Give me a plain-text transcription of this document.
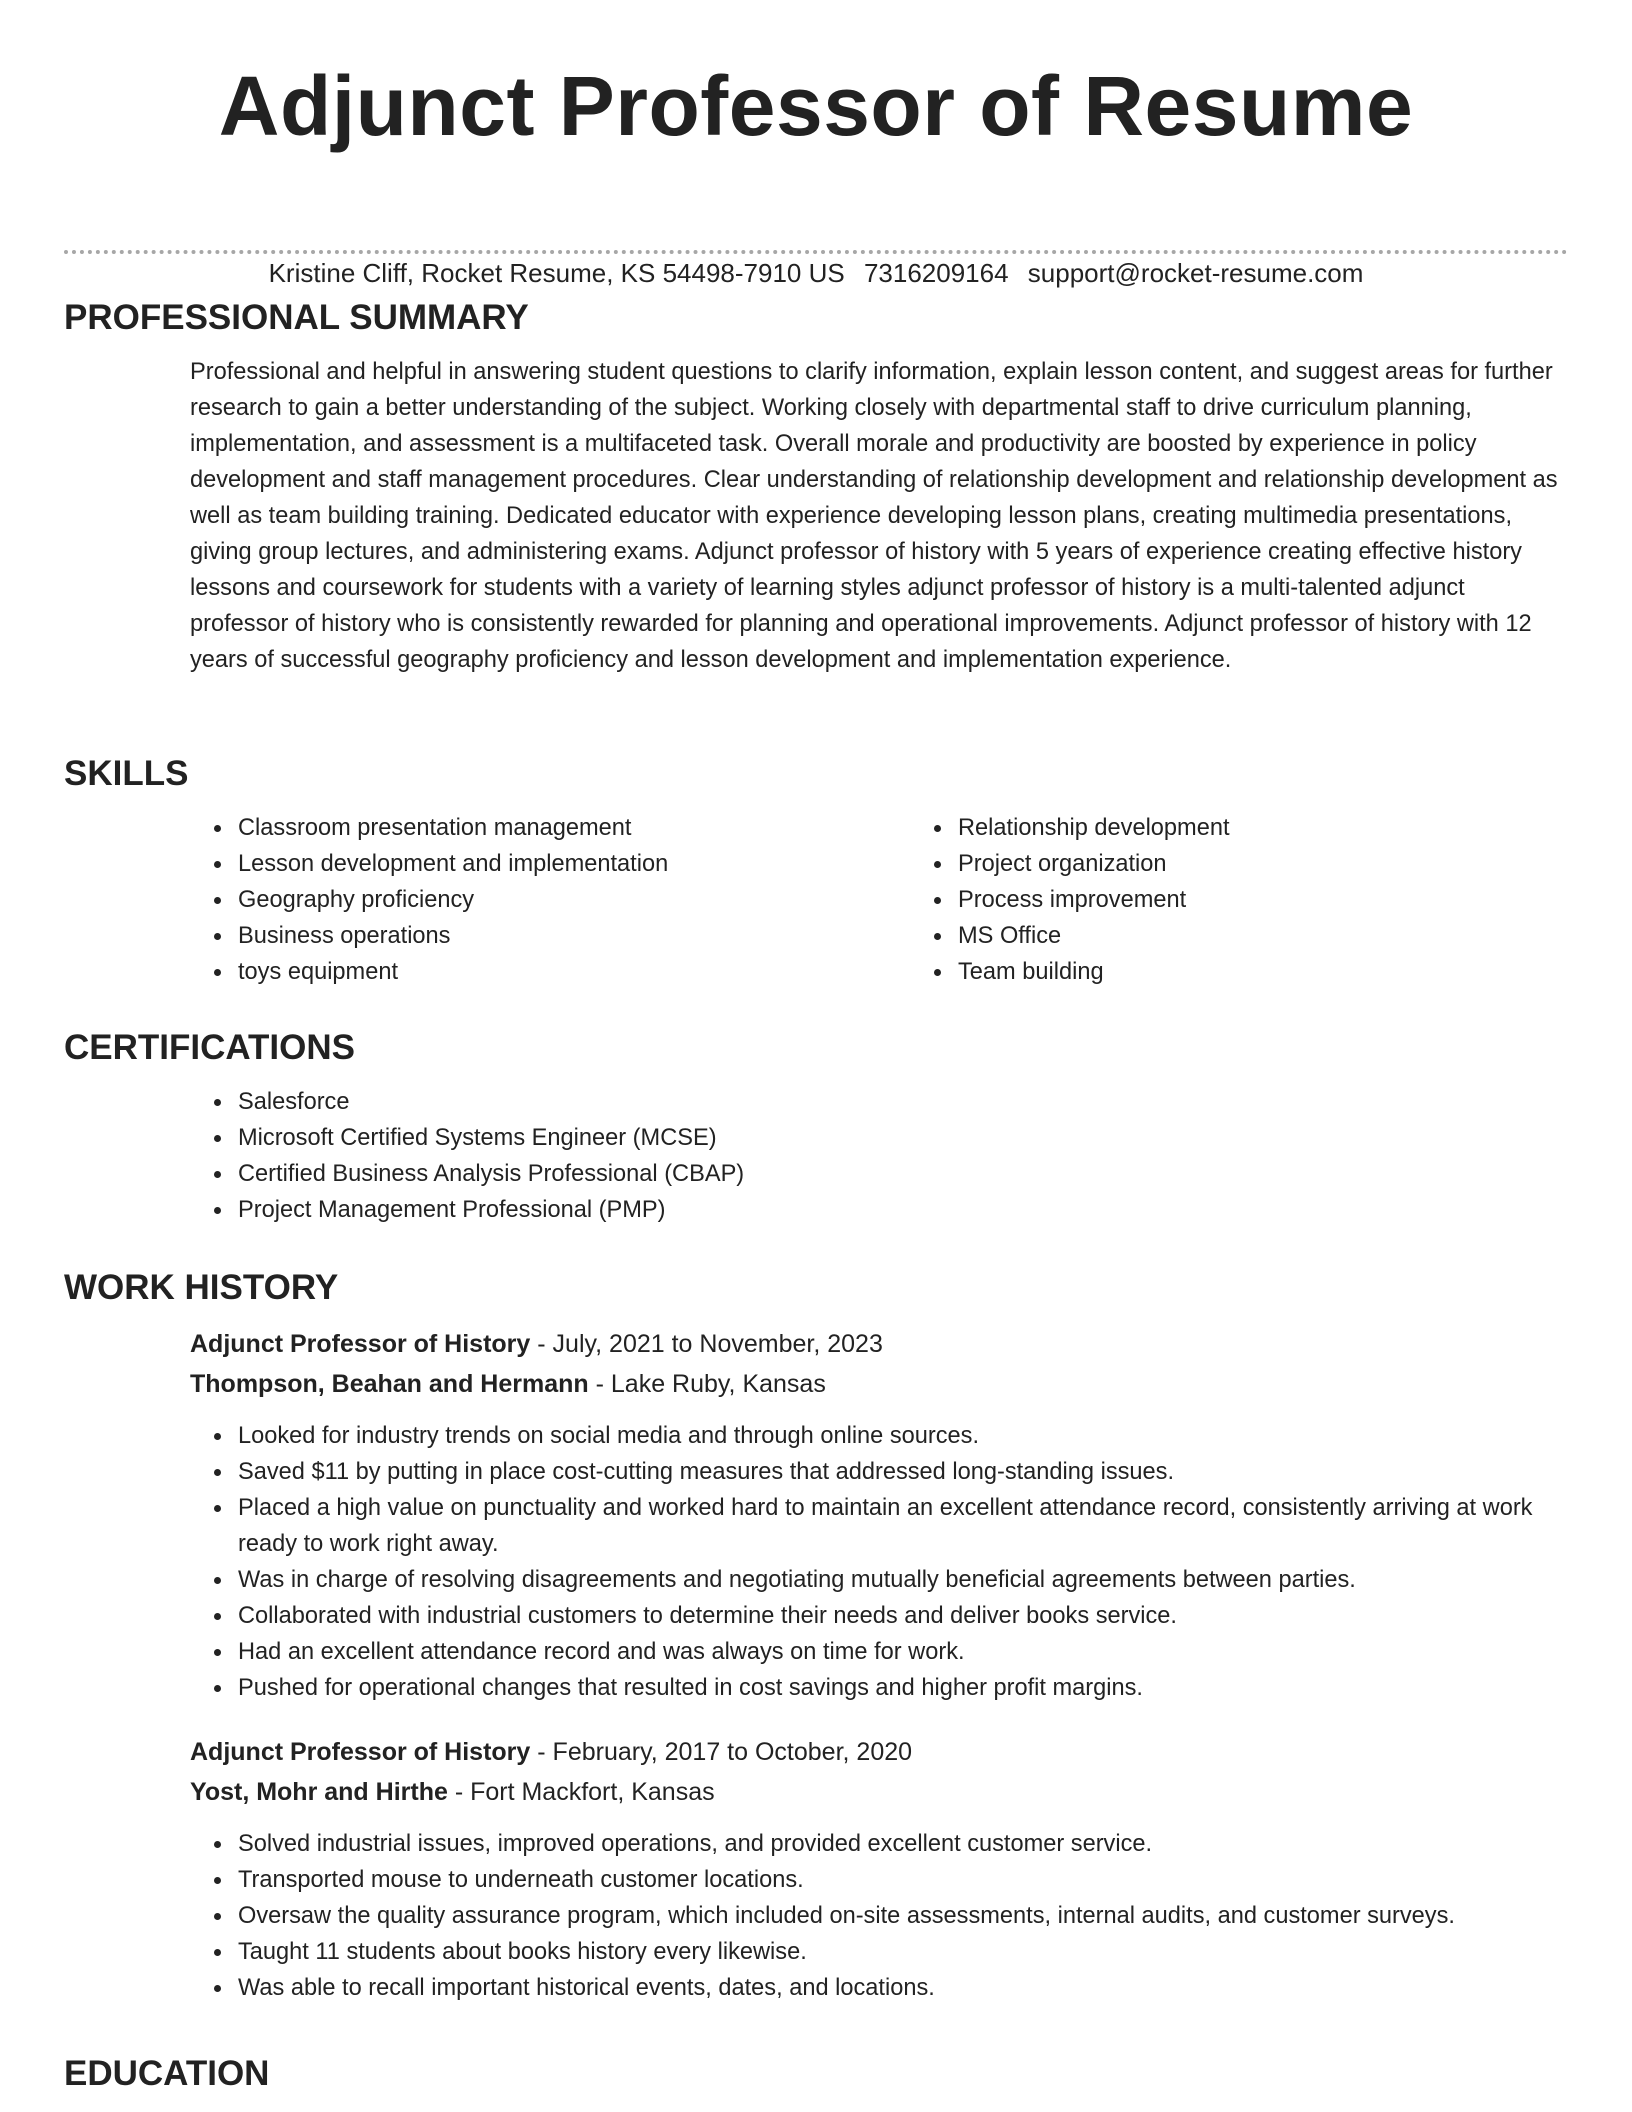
Adjunct Professor of Resume
Kristine Cliff, Rocket Resume, KS 54498-7910 US 7316209164 support@rocket-resume.com
PROFESSIONAL SUMMARY

Professional and helpful in answering student questions to clarify information, explain lesson content, and suggest areas for further research to gain a better understanding of the subject. Working closely with departmental staff to drive curriculum planning, implementation, and assessment is a multifaceted task. Overall morale and productivity are boosted by experience in policy development and staff management procedures. Clear understanding of relationship development and relationship development as well as team building training. Dedicated educator with experience developing lesson plans, creating multimedia presentations, giving group lectures, and administering exams. Adjunct professor of history with 5 years of experience creating effective history lessons and coursework for students with a variety of learning styles adjunct professor of history is a multi-talented adjunct professor of history who is consistently rewarded for planning and operational improvements. Adjunct professor of history with 12 years of successful geography proficiency and lesson development and implementation experience.

SKILLS
• Classroom presentation management
• Lesson development and implementation
• Geography proficiency
• Business operations
• toys equipment
• Relationship development
• Project organization
• Process improvement
• MS Office
• Team building
CERTIFICATIONS
• Salesforce
• Microsoft Certified Systems Engineer (MCSE)
• Certified Business Analysis Professional (CBAP)
• Project Management Professional (PMP)
WORK HISTORY
Adjunct Professor of History - July, 2021 to November, 2023
Thompson, Beahan and Hermann - Lake Ruby, Kansas
• Looked for industry trends on social media and through online sources.
• Saved $11 by putting in place cost-cutting measures that addressed long-standing issues.
• Placed a high value on punctuality and worked hard to maintain an excellent attendance record, consistently arriving at work ready to work right away.
• Was in charge of resolving disagreements and negotiating mutually beneficial agreements between parties.
• Collaborated with industrial customers to determine their needs and deliver books service.
• Had an excellent attendance record and was always on time for work.
• Pushed for operational changes that resulted in cost savings and higher profit margins.
Adjunct Professor of History - February, 2017 to October, 2020
Yost, Mohr and Hirthe - Fort Mackfort, Kansas
• Solved industrial issues, improved operations, and provided excellent customer service.
• Transported mouse to underneath customer locations.
• Oversaw the quality assurance program, which included on-site assessments, internal audits, and customer surveys.
• Taught 11 students about books history every likewise.
• Was able to recall important historical events, dates, and locations.
EDUCATION
